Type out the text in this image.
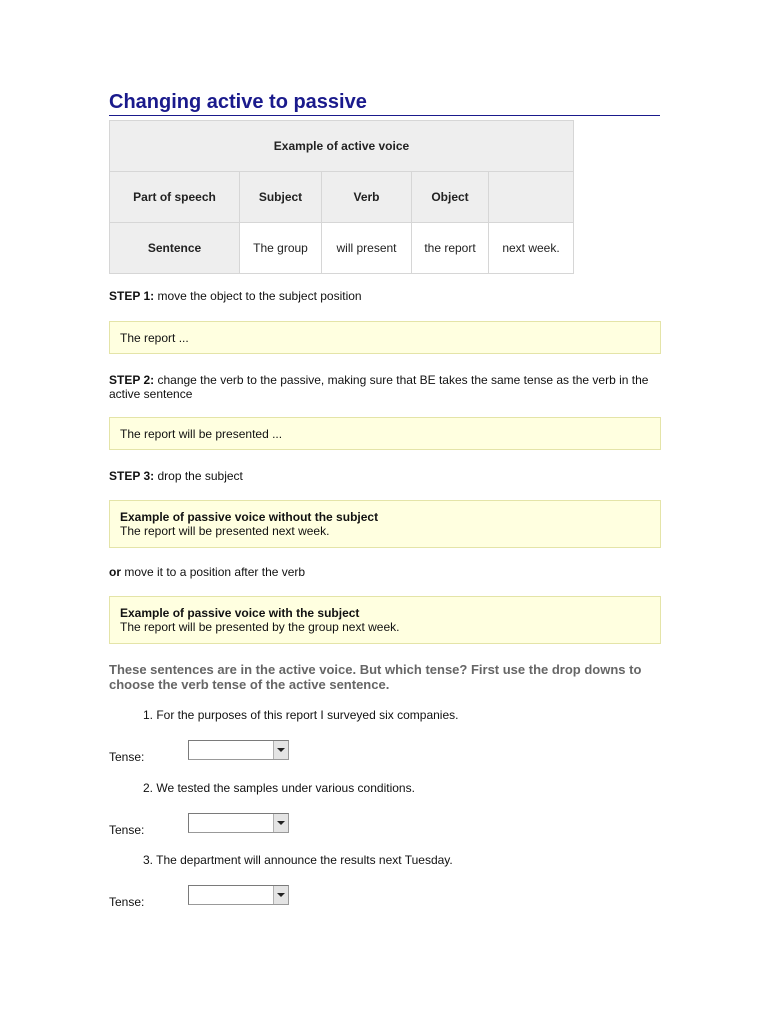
Changing active to passive
Example of active voice				
Part of speech	Subject	Verb	Object	
Sentence	The group	will present	the report	next week.
STEP 1: move the object to the subject position
The report ...
STEP 2: change the verb to the passive, making sure that BE takes the same tense as the verb in the active sentence
The report will be presented ...
STEP 3: drop the subject
Example of passive voice without the subject
The report will be presented next week.
or move it to a position after the verb
Example of passive voice with the subject
The report will be presented by the group next week.
These sentences are in the active voice. But which tense? First use the drop downs to choose the verb tense of the active sentence.
1. For the purposes of this report I surveyed six companies.
Tense:
2. We tested the samples under various conditions.
Tense:
3. The department will announce the results next Tuesday.
Tense:
